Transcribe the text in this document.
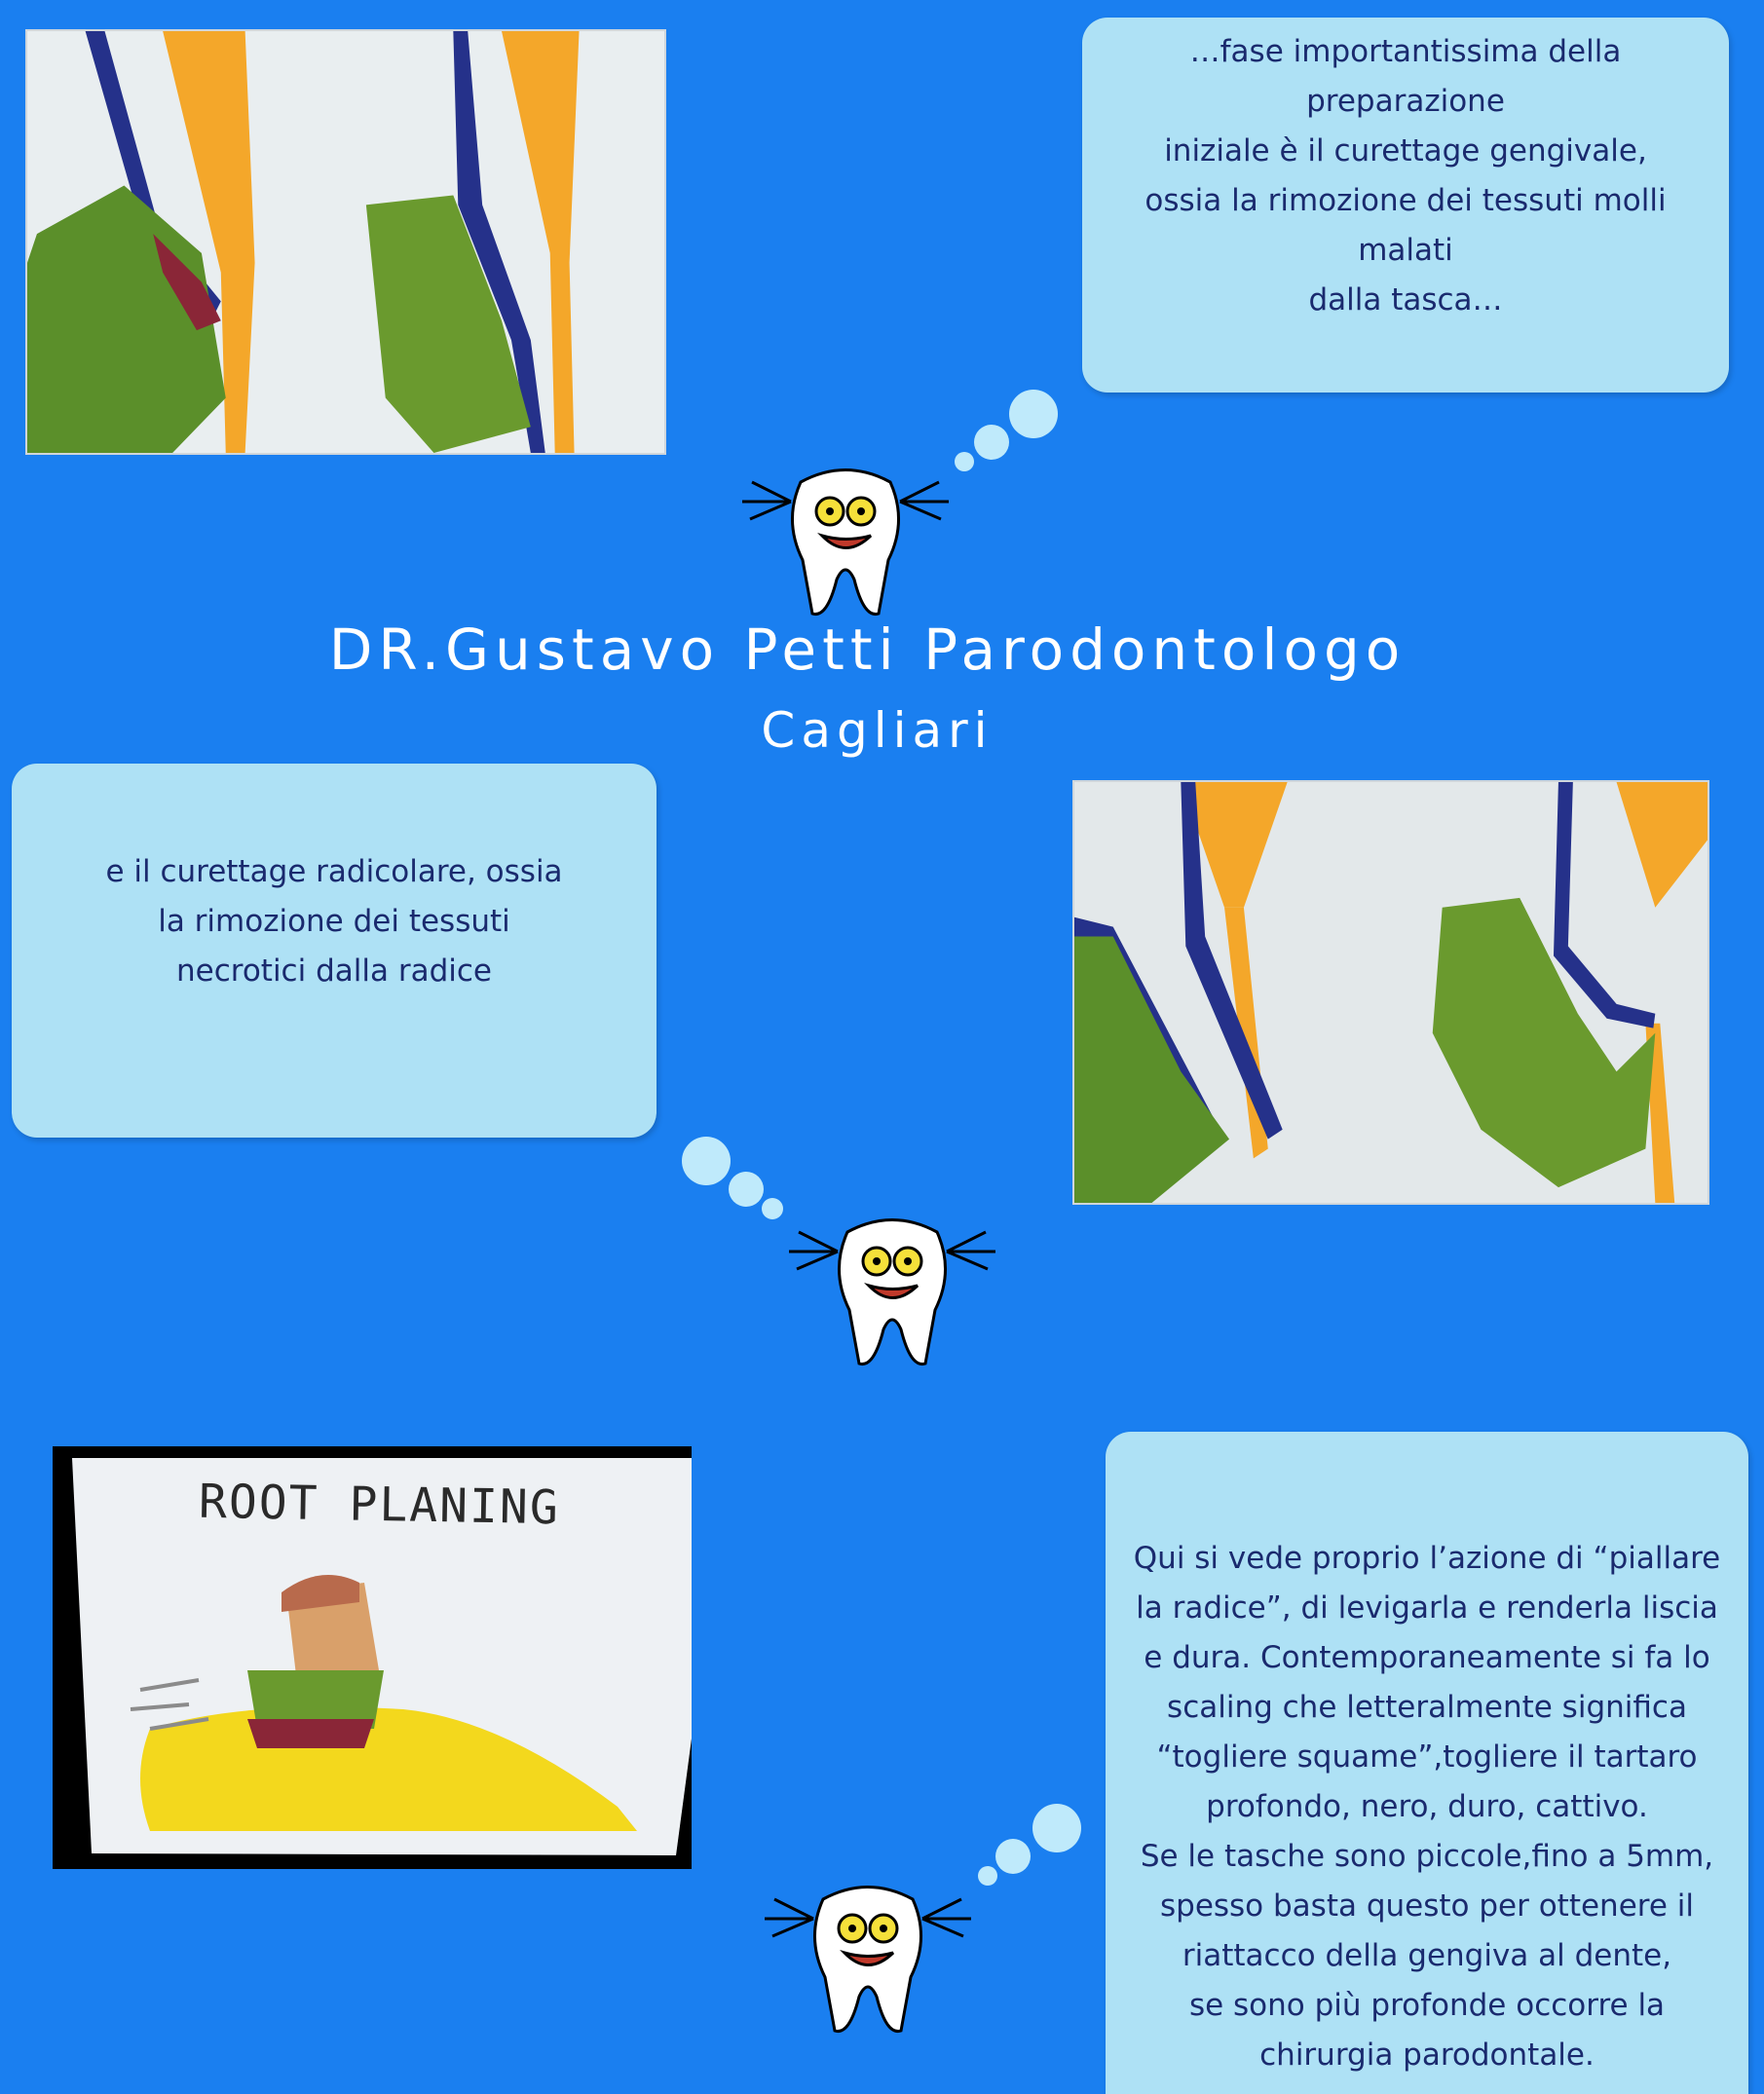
…fase importantissima della preparazione

iniziale è il curettage gengivale,

ossia la rimozione dei tessuti molli malati

dalla tasca…

DR.Gustavo Petti Parodontologo
Cagliari

e il curettage radicolare, ossia

la rimozione dei tessuti

necrotici dalla radice

ROOT PLANING

Qui si vede proprio l’azione di “piallare

la radice”, di levigarla e renderla liscia

e dura. Contemporaneamente si fa lo

scaling che letteralmente significa

“togliere squame”,togliere il tartaro

profondo, nero, duro, cattivo.

Se le tasche sono piccole,fino a 5mm,

spesso basta questo per ottenere il

riattacco della gengiva al dente,

se sono più profonde occorre la

chirurgia parodontale.
